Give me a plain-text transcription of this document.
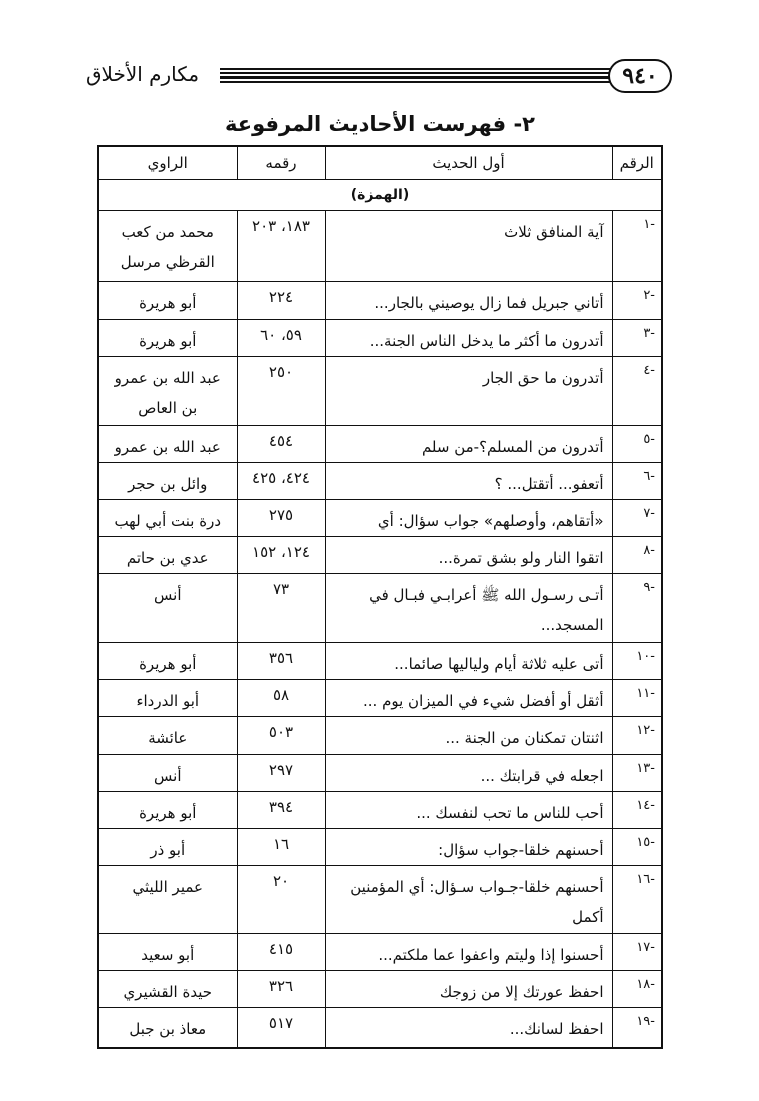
مكارم الأخلاق	٩٤٠
٢- فهرست الأحاديث المرفوعة
الرقم	أول الحديث	رقمه	الراوي
(الهمزة)			
-١	آية المنافق ثلاث	١٨٣، ٢٠٣	محمد من كعب القرظي مرسل
-٢	أتاني جبريل فما زال يوصيني بالجار...	٢٢٤	أبو هريرة
-٣	أتدرون ما أكثر ما يدخل الناس الجنة...	٥٩، ٦٠	أبو هريرة
-٤	أتدرون ما حق الجار	٢٥٠	عبد الله بن عمرو بن العاص
-٥	أتدرون من المسلم؟-من سلم	٤٥٤	عبد الله بن عمرو
-٦	أتعفو... أتقتل... ؟	٤٢٤، ٤٢٥	وائل بن حجر
-٧	«أتقاهم، وأوصلهم» جواب سؤال: أي	٢٧٥	درة بنت أبي لهب
-٨	اتقوا النار ولو بشق تمرة...	١٢٤، ١٥٢	عدي بن حاتم
-٩	أتـى رسـول الله ﷺ أعرابـي فبـال في المسجد...	٧٣	أنس
-١٠	أتى عليه ثلاثة أيام ولياليها صائما...	٣٥٦	أبو هريرة
-١١	أثقل أو أفضل شيء في الميزان يوم ...	٥٨	أبو الدرداء
-١٢	اثنتان تمكنان من الجنة ...	٥٠٣	عائشة
-١٣	اجعله في قرابتك ...	٢٩٧	أنس
-١٤	أحب للناس ما تحب لنفسك ...	٣٩٤	أبو هريرة
-١٥	أحسنهم خلقا-جواب سؤال:	١٦	أبو ذر
-١٦	أحسنهم خلقا-جـواب سـؤال: أي المؤمنين أكمل	٢٠	عمير الليثي
-١٧	أحسنوا إذا وليتم واعفوا عما ملكتم...	٤١٥	أبو سعيد
-١٨	احفظ عورتك إلا من زوجك	٣٢٦	حيدة القشيري
-١٩	احفظ لسانك...	٥١٧	معاذ بن جبل
